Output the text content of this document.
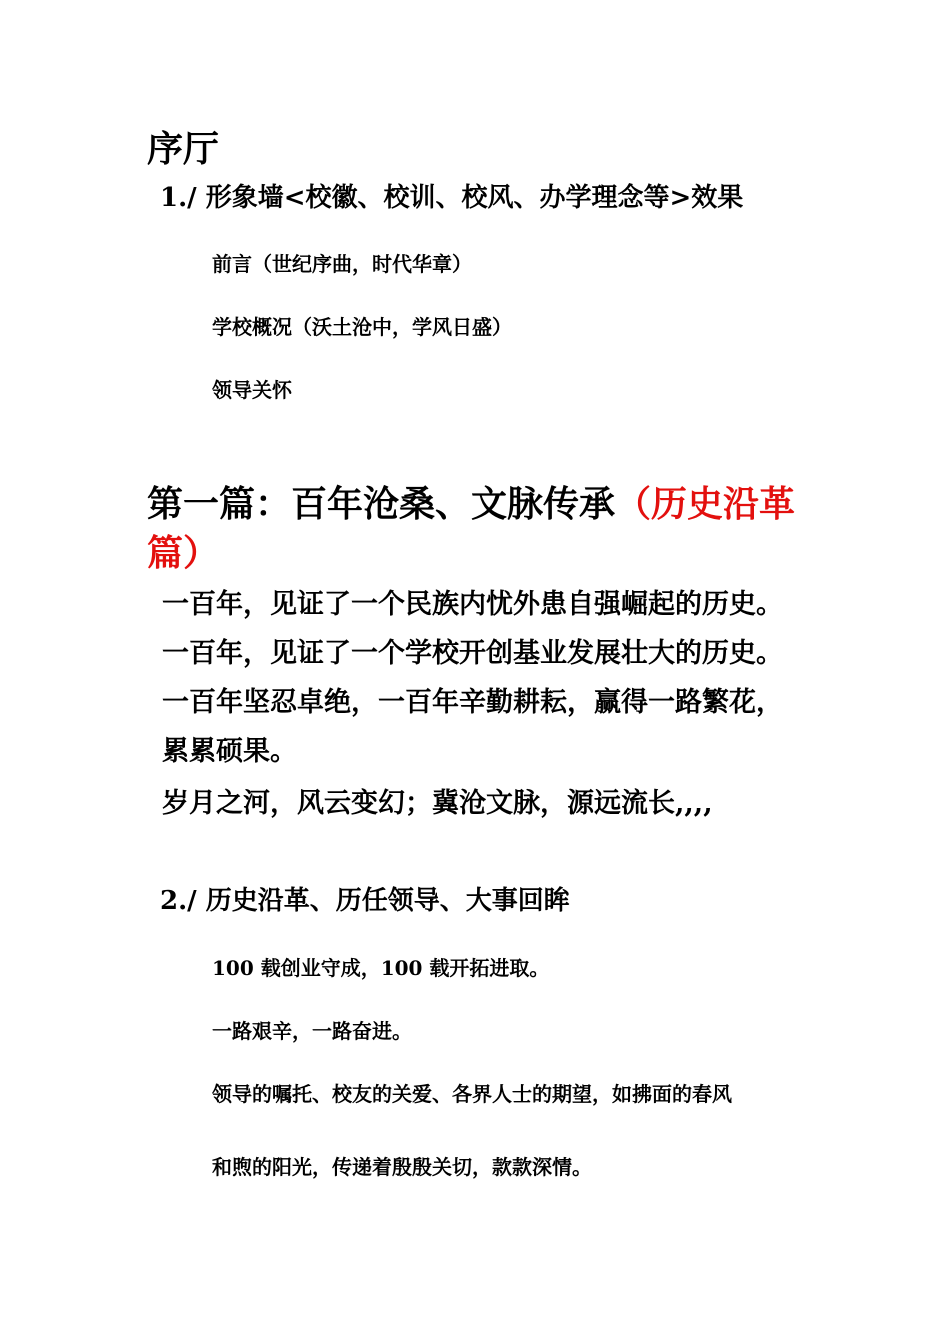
序厅
1./ 形象墙<校徽、校训、校风、办学理念等>效果
前言（世纪序曲，时代华章）
学校概况（沃土沧中，学风日盛）
领导关怀
第一篇：百年沧桑、文脉传承（历史沿革
篇）
一百年，见证了一个民族内忧外患自强崛起的历史。
一百年，见证了一个学校开创基业发展壮大的历史。
一百年坚忍卓绝，一百年辛勤耕耘，赢得一路繁花，
累累硕果。
岁月之河，风云变幻；冀沧文脉，源远流长,,,,
2./ 历史沿革、历任领导、大事回眸
100 载创业守成，100 载开拓进取。
一路艰辛，一路奋进。
领导的嘱托、校友的关爱、各界人士的期望，如拂面的春风
和煦的阳光，传递着殷殷关切，款款深情。
